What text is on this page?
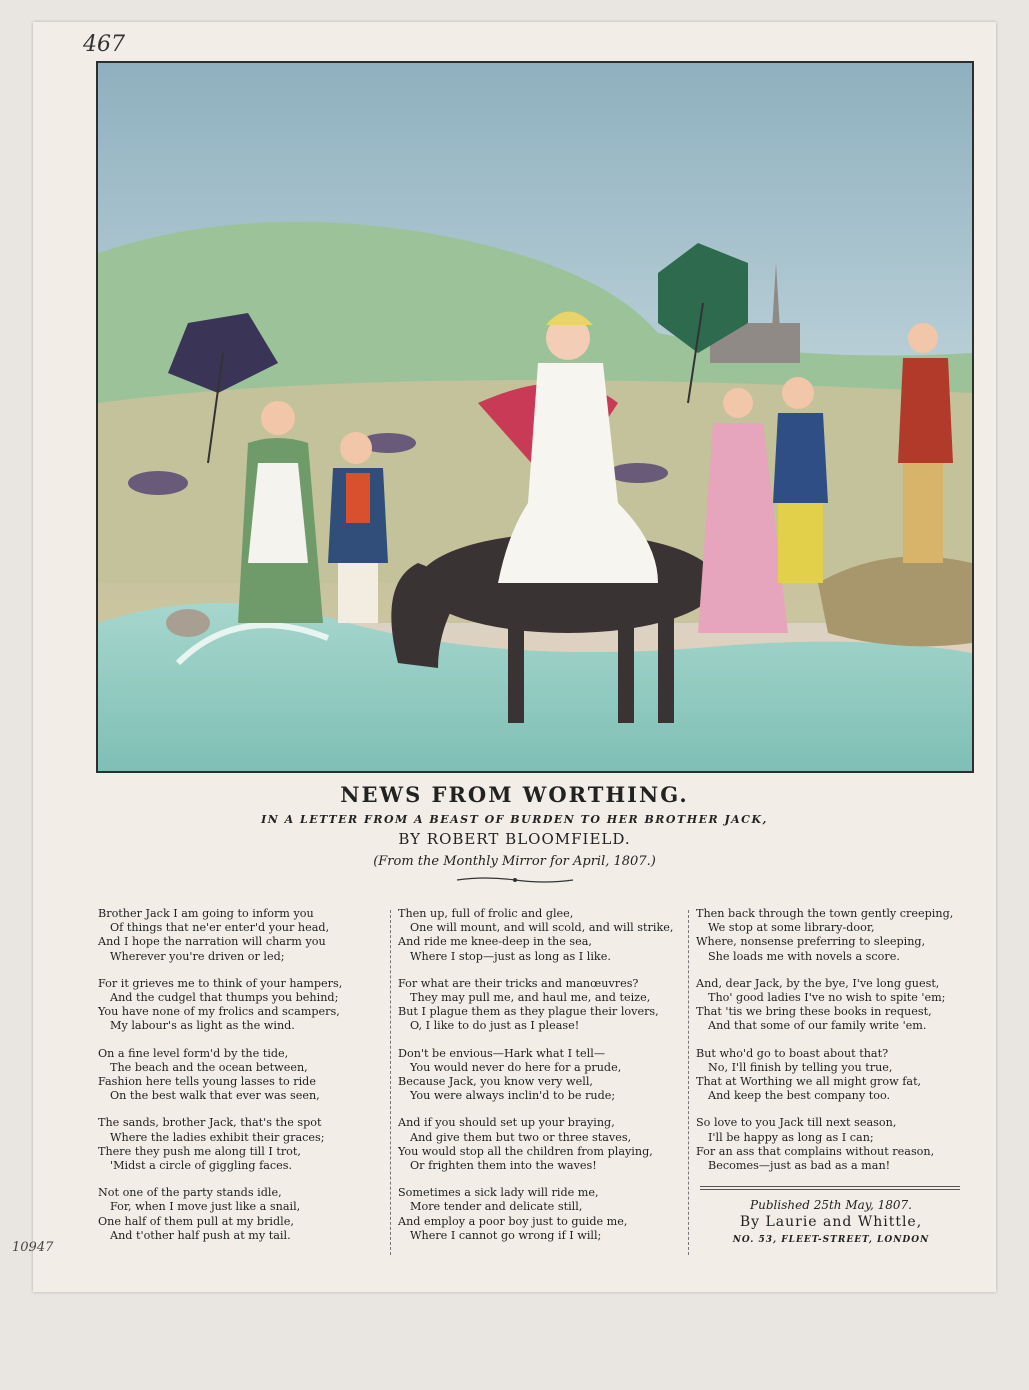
467
NEWS FROM WORTHING.
IN A LETTER FROM A BEAST OF BURDEN TO HER BROTHER JACK,
BY ROBERT BLOOMFIELD.
(From the Monthly Mirror for April, 1807.)
Brother Jack I am going to inform you
Of things that ne'er enter'd your head,
And I hope the narration will charm you
Wherever you're driven or led;
For it grieves me to think of your hampers,
And the cudgel that thumps you behind;
You have none of my frolics and scampers,
My labour's as light as the wind.
On a fine level form'd by the tide,
The beach and the ocean between,
Fashion here tells young lasses to ride
On the best walk that ever was seen,
The sands, brother Jack, that's the spot
Where the ladies exhibit their graces;
There they push me along till I trot,
'Midst a circle of giggling faces.
Not one of the party stands idle,
For, when I move just like a snail,
One half of them pull at my bridle,
And t'other half push at my tail.
Then up, full of frolic and glee,
One will mount, and will scold, and will strike,
And ride me knee-deep in the sea,
Where I stop—just as long as I like.
For what are their tricks and manœuvres?
They may pull me, and haul me, and teize,
But I plague them as they plague their lovers,
O, I like to do just as I please!
Don't be envious—Hark what I tell—
You would never do here for a prude,
Because Jack, you know very well,
You were always inclin'd to be rude;
And if you should set up your braying,
And give them but two or three staves,
You would stop all the children from playing,
Or frighten them into the waves!
Sometimes a sick lady will ride me,
More tender and delicate still,
And employ a poor boy just to guide me,
Where I cannot go wrong if I will;
Then back through the town gently creeping,
We stop at some library-door,
Where, nonsense preferring to sleeping,
She loads me with novels a score.
And, dear Jack, by the bye, I've long guest,
Tho' good ladies I've no wish to spite 'em;
That 'tis we bring these books in request,
And that some of our family write 'em.
But who'd go to boast about that?
No, I'll finish by telling you true,
That at Worthing we all might grow fat,
And keep the best company too.
So love to you Jack till next season,
I'll be happy as long as I can;
For an ass that complains without reason,
Becomes—just as bad as a man!
Published 25th May, 1807.
By Laurie and Whittle,
NO. 53, FLEET-STREET, LONDON
10947
